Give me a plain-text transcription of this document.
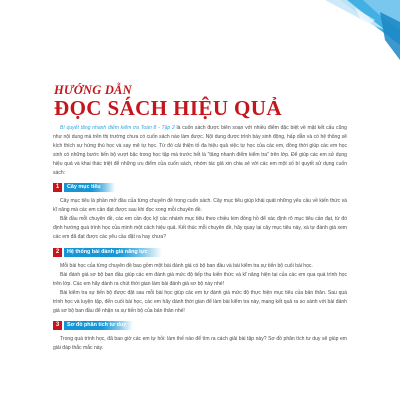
HƯỚNG DẪN
ĐỌC SÁCH HIỆU QUẢ

Bí quyết tăng nhanh điểm kiểm tra Toán 8 - Tập 2 là cuốn sách được biên soạn với nhiều điểm đặc biệt về mặt kết cấu cũng như nội dung mà trên thị trường chưa có cuốn sách nào làm được. Nội dung được trình bày sinh động, hấp dẫn và có hệ thống sẽ kích thích sự hứng thú học và say mê tự học. Từ đó cải thiện tố đa hiệu quả việc tự học của các em, đồng thời giúp các em học sinh có những bước tiến bộ vượt bậc trong học tập mà trước hết là "tăng nhanh điểm kiểm tra" trên lớp. Để giúp các em sử dụng hiệu quả và khai thác triệt để những ưu điểm của cuốn sách, nhóm tác giả xin chia sẻ với các em một số bí quyết sử dụng cuốn sách:

1	Cây mục tiêu

Cây mục tiêu là phần mở đầu của từng chuyên đề trong cuốn sách. Cây mục tiêu giúp khái quát những yêu cầu về kiến thức và kĩ năng mà các em cần đạt được sau khi đọc xong mỗi chuyên đề.

Bắt đầu mỗi chuyên đề, các em cần đọc kỹ các nhánh mục tiêu theo chiều kim đồng hồ để xác định rõ mục tiêu cần đạt, từ đó định hướng quá trình học của mình một cách hiệu quả. Kết thúc mỗi chuyên đề, hãy quay lại cây mục tiêu này, xà tự đánh giá xem các em đã đạt được các yêu cầu đặt ra hay chưa?

2	Hệ thống bài đánh giá năng lực

Mỗi bài học của từng chuyên đề bao gồm một bài đánh giá có bộ ban đầu và bài kiểm tra sự tiến bộ cuối bài học.

Bài đánh giá sơ bộ ban đầu giúp các em đánh giá mức độ tiếp thu kiến thức và kĩ năng hiện tại của các em qua quá trình học trên lớp. Các em hãy dành ra chút thời gian làm bài đánh giá sơ bộ này nhé!

Bài kiểm tra sự tiến bộ được đặt sau mỗi bài học giúp các em tự đánh giá mức độ thực hiện mục tiêu của bản thân. Sau quá trình học và luyện tập, đến cuối bài học, các em hãy dành thời gian để làm bài kiểm tra này, mang kết quả ra so sánh với bài đánh giá sơ bộ ban đầu để nhận ra sự tiến bộ của bản thân nhé!

3	Sơ đồ phân tích tư duy

Trong quá trình học, đã bao giờ các em tự hỏi: làm thế nào để tìm ra cách giải bài tập này? Sơ đồ phân tích tư duy sẽ giúp em giải đáp thắc mắc này.
